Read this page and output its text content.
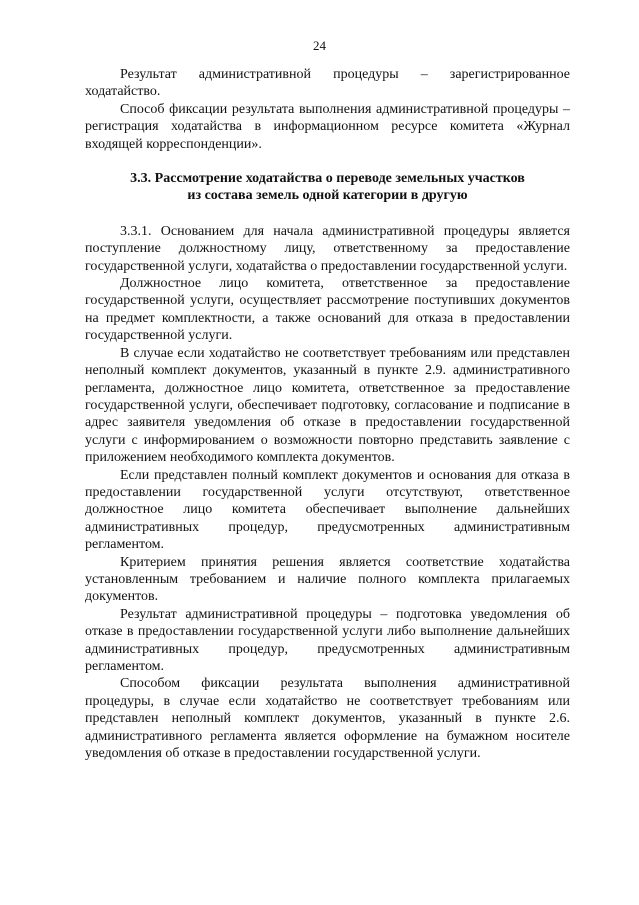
24

Результат административной процедуры – зарегистрированное ходатайство.

Способ фиксации результата выполнения административной процедуры – регистрация ходатайства в информационном ресурсе комитета «Журнал входящей корреспонденции».

3.3. Рассмотрение ходатайства о переводе земельных участков
из состава земель одной категории в другую

3.3.1. Основанием для начала административной процедуры является поступление должностному лицу, ответственному за предоставление государственной услуги, ходатайства о предоставлении государственной услуги.

Должностное лицо комитета, ответственное за предоставление государственной услуги, осуществляет рассмотрение поступивших документов на предмет комплектности, а также оснований для отказа в предоставлении государственной услуги.

В случае если ходатайство не соответствует требованиям или представлен неполный комплект документов, указанный в пункте 2.9. административного регламента, должностное лицо комитета, ответственное за предоставление государственной услуги, обеспечивает подготовку, согласование и подписание в адрес заявителя уведомления об отказе в предоставлении государственной услуги с информированием о возможности повторно представить заявление с приложением необходимого комплекта документов.

Если представлен полный комплект документов и основания для отказа в предоставлении государственной услуги отсутствуют, ответственное должностное лицо комитета обеспечивает выполнение дальнейших административных процедур, предусмотренных административным регламентом.

Критерием принятия решения является соответствие ходатайства установленным требованием и наличие полного комплекта прилагаемых документов.

Результат административной процедуры – подготовка уведомления об отказе в предоставлении государственной услуги либо выполнение дальнейших административных процедур, предусмотренных административным регламентом.

Способом фиксации результата выполнения административной процедуры, в случае если ходатайство не соответствует требованиям или представлен неполный комплект документов, указанный в пункте 2.6. административного регламента является оформление на бумажном носителе уведомления об отказе в предоставлении государственной услуги.
